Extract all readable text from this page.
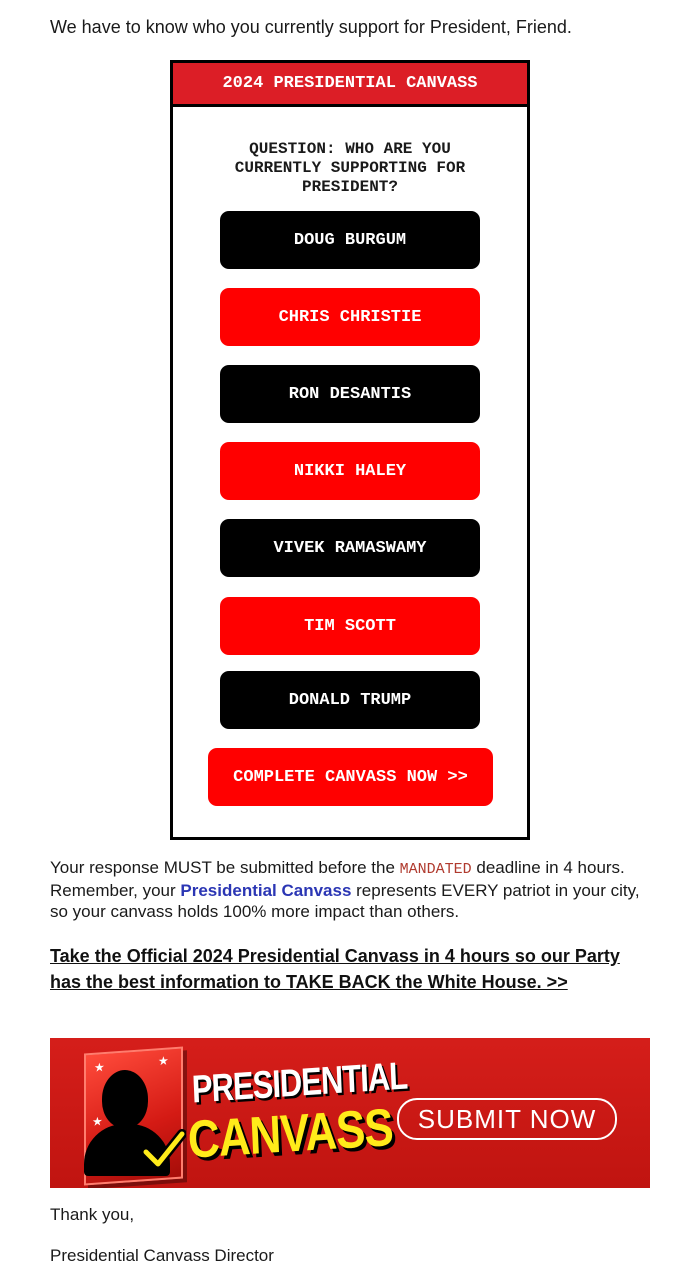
We have to know who you currently support for President, Friend.

2024 PRESIDENTIAL CANVASS

QUESTION: WHO ARE YOU CURRENTLY SUPPORTING FOR PRESIDENT?

DOUG BURGUM
CHRIS CHRISTIE
RON DESANTIS
NIKKI HALEY
VIVEK RAMASWAMY
TIM SCOTT
DONALD TRUMP
COMPLETE CANVASS NOW >>

Your response MUST be submitted before the MANDATED deadline in 4 hours. Remember, your Presidential Canvass represents EVERY patriot in your city, so your canvass holds 100% more impact than others.

Take the Official 2024 Presidential Canvass in 4 hours so our Party has the best information to TAKE BACK the White House. >>
★	★
★
PRESIDENTIAL
CANVASS SUBMIT NOW

Thank you,

Presidential Canvass Director
